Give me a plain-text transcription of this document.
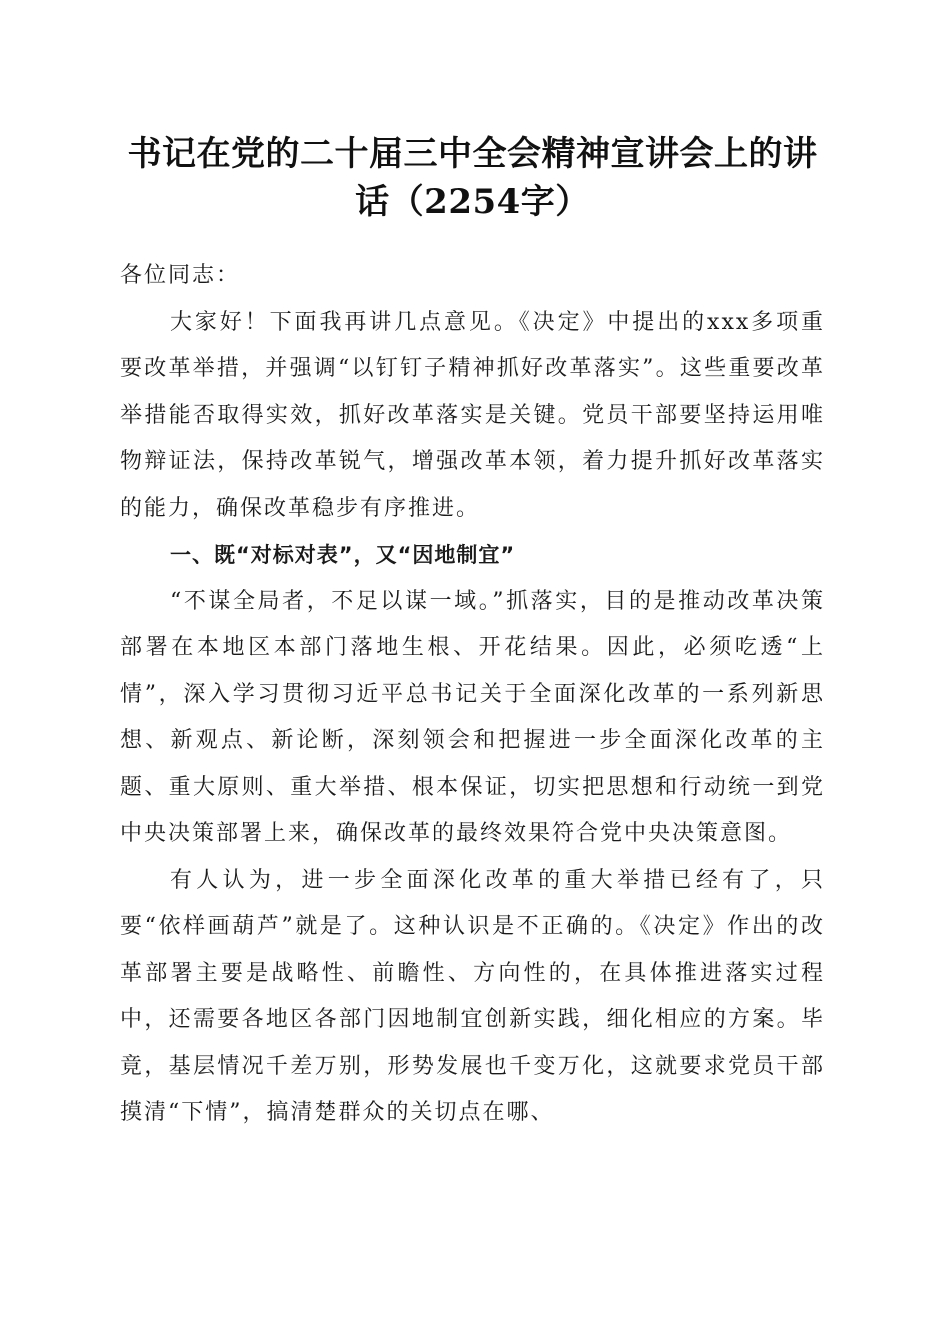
书记在党的二十届三中全会精神宣讲会上的讲话（2254字）

各位同志：

大家好！下面我再讲几点意见。《决定》中提出的xxx多项重要改革举措，并强调“以钉钉子精神抓好改革落实”。这些重要改革举措能否取得实效，抓好改革落实是关键。党员干部要坚持运用唯物辩证法，保持改革锐气，增强改革本领，着力提升抓好改革落实的能力，确保改革稳步有序推进。

一、既“对标对表”，又“因地制宜”

“不谋全局者，不足以谋一域。”抓落实，目的是推动改革决策部署在本地区本部门落地生根、开花结果。因此，必须吃透“上情”，深入学习贯彻习近平总书记关于全面深化改革的一系列新思想、新观点、新论断，深刻领会和把握进一步全面深化改革的主题、重大原则、重大举措、根本保证，切实把思想和行动统一到党中央决策部署上来，确保改革的最终效果符合党中央决策意图。

有人认为，进一步全面深化改革的重大举措已经有了，只要“依样画葫芦”就是了。这种认识是不正确的。《决定》作出的改革部署主要是战略性、前瞻性、方向性的，在具体推进落实过程中，还需要各地区各部门因地制宜创新实践，细化相应的方案。毕竟，基层情况千差万别，形势发展也千变万化，这就要求党员干部摸清“下情”，搞清楚群众的关切点在哪、
